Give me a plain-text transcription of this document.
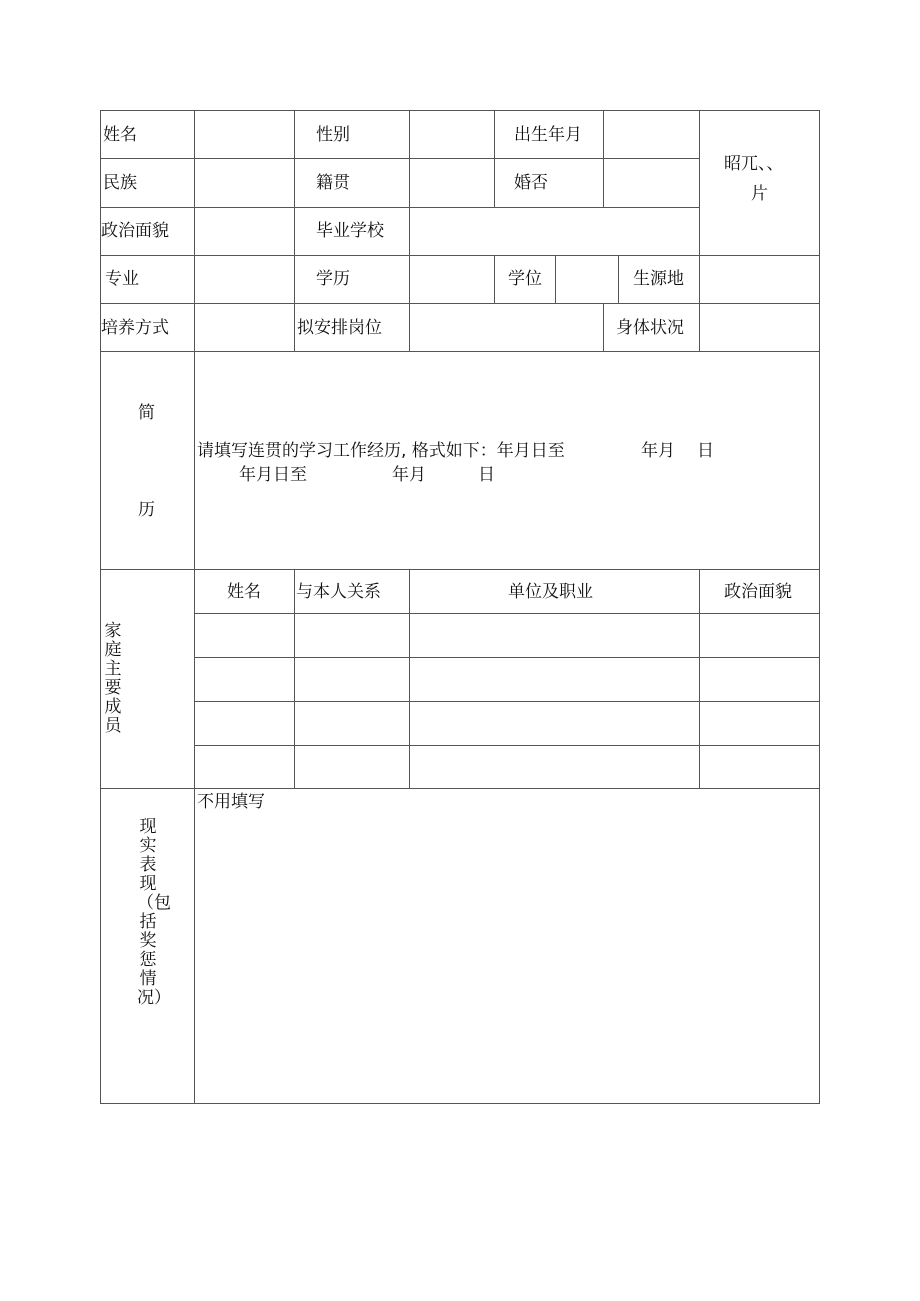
姓名	性别	出生年月
昭兀、、
片
民族	籍贯	婚否
政治面貌	毕业学校
专业	学历	学位	生源地
培养方式	拟安排岗位	身体状况
简
历
请填写连贯的学习工作经历, 格式如下：年月日至	年月 日
年月日至	年月	日
家庭主要成员
姓名 与本人关系	单位及职业	政治面貌
现实表现（包括奖惩情况）
不用填写
